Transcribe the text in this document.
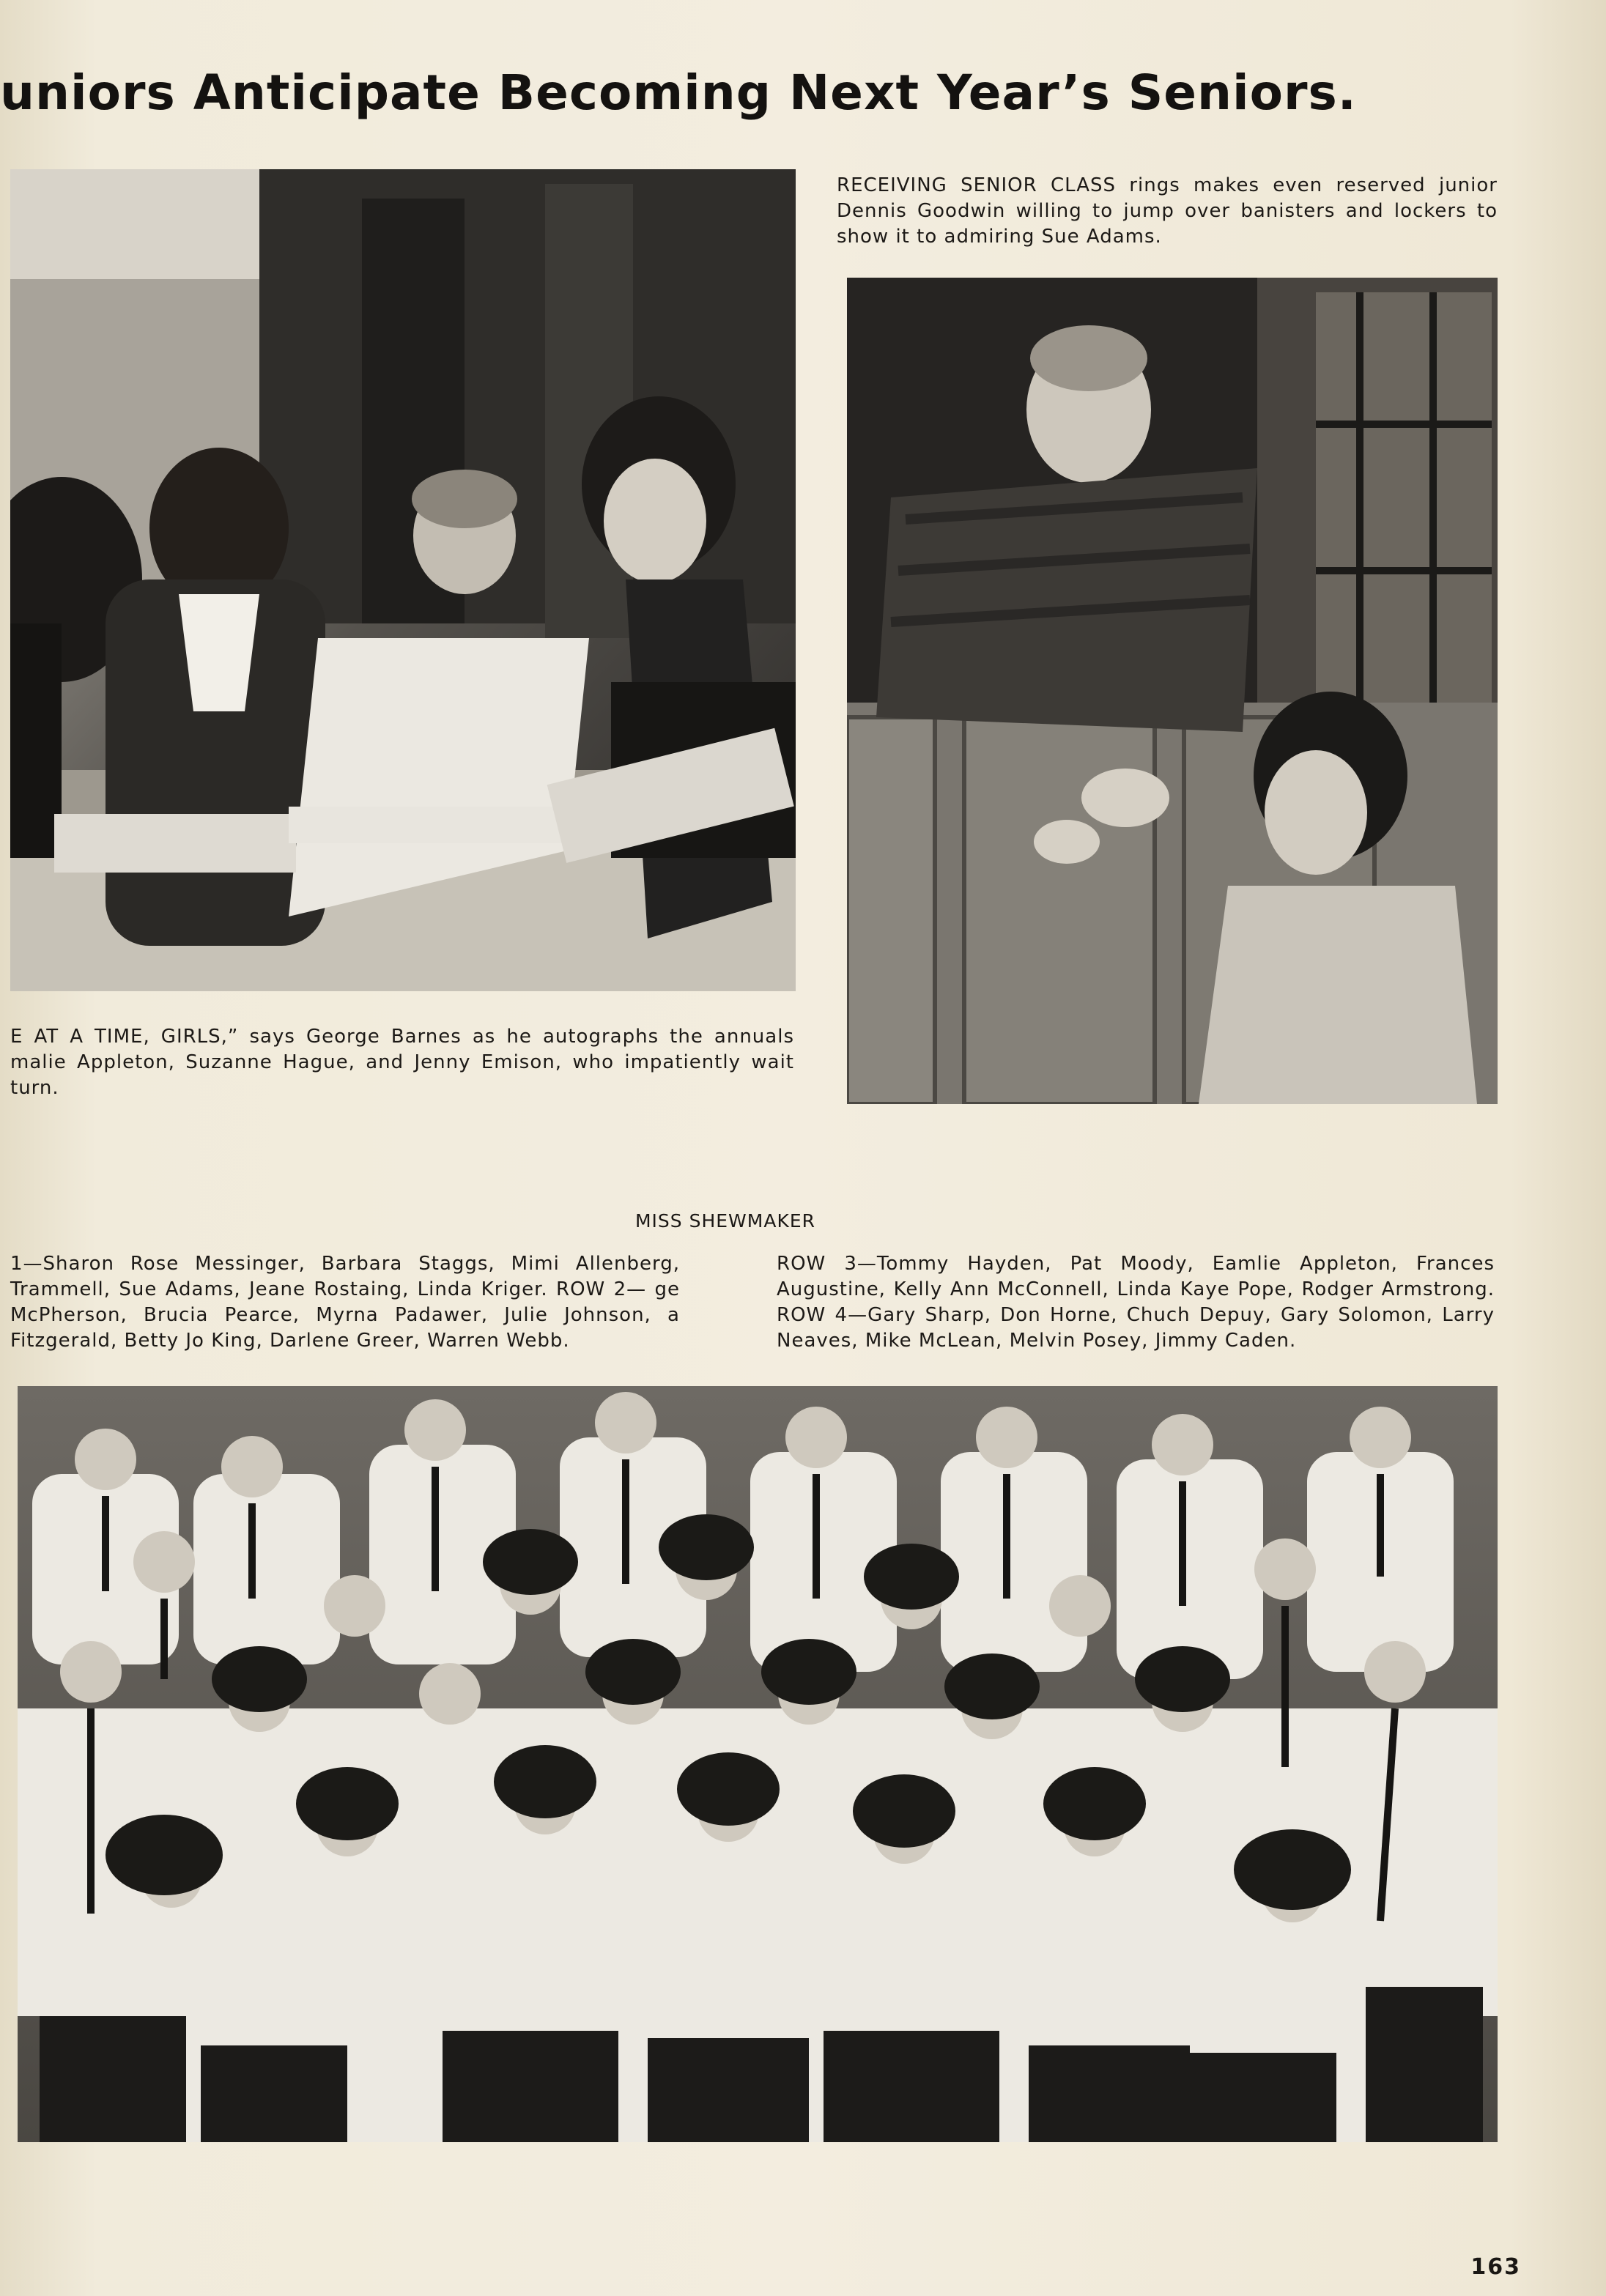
uniors Anticipate Becoming Next Year’s Seniors.
RECEIVING SENIOR CLASS rings makes even reserved junior Dennis Goodwin willing to jump over banisters and lockers to show it to admiring Sue Adams.
E AT A TIME, GIRLS,” says George Barnes as he autographs the annuals malie Appleton, Suzanne Hague, and Jenny Emison, who impatiently wait turn.
MISS SHEWMAKER
1—Sharon Rose Messinger, Barbara Staggs, Mimi Allenberg, Trammell, Sue Adams, Jeane Rostaing, Linda Kriger. ROW 2— ge McPherson, Brucia Pearce, Myrna Padawer, Julie Johnson, a Fitzgerald, Betty Jo King, Darlene Greer, Warren Webb.
ROW 3—Tommy Hayden, Pat Moody, Eamlie Appleton, Frances Augustine, Kelly Ann McConnell, Linda Kaye Pope, Rodger Armstrong. ROW 4—Gary Sharp, Don Horne, Chuch Depuy, Gary Solomon, Larry Neaves, Mike McLean, Melvin Posey, Jimmy Caden.
163
